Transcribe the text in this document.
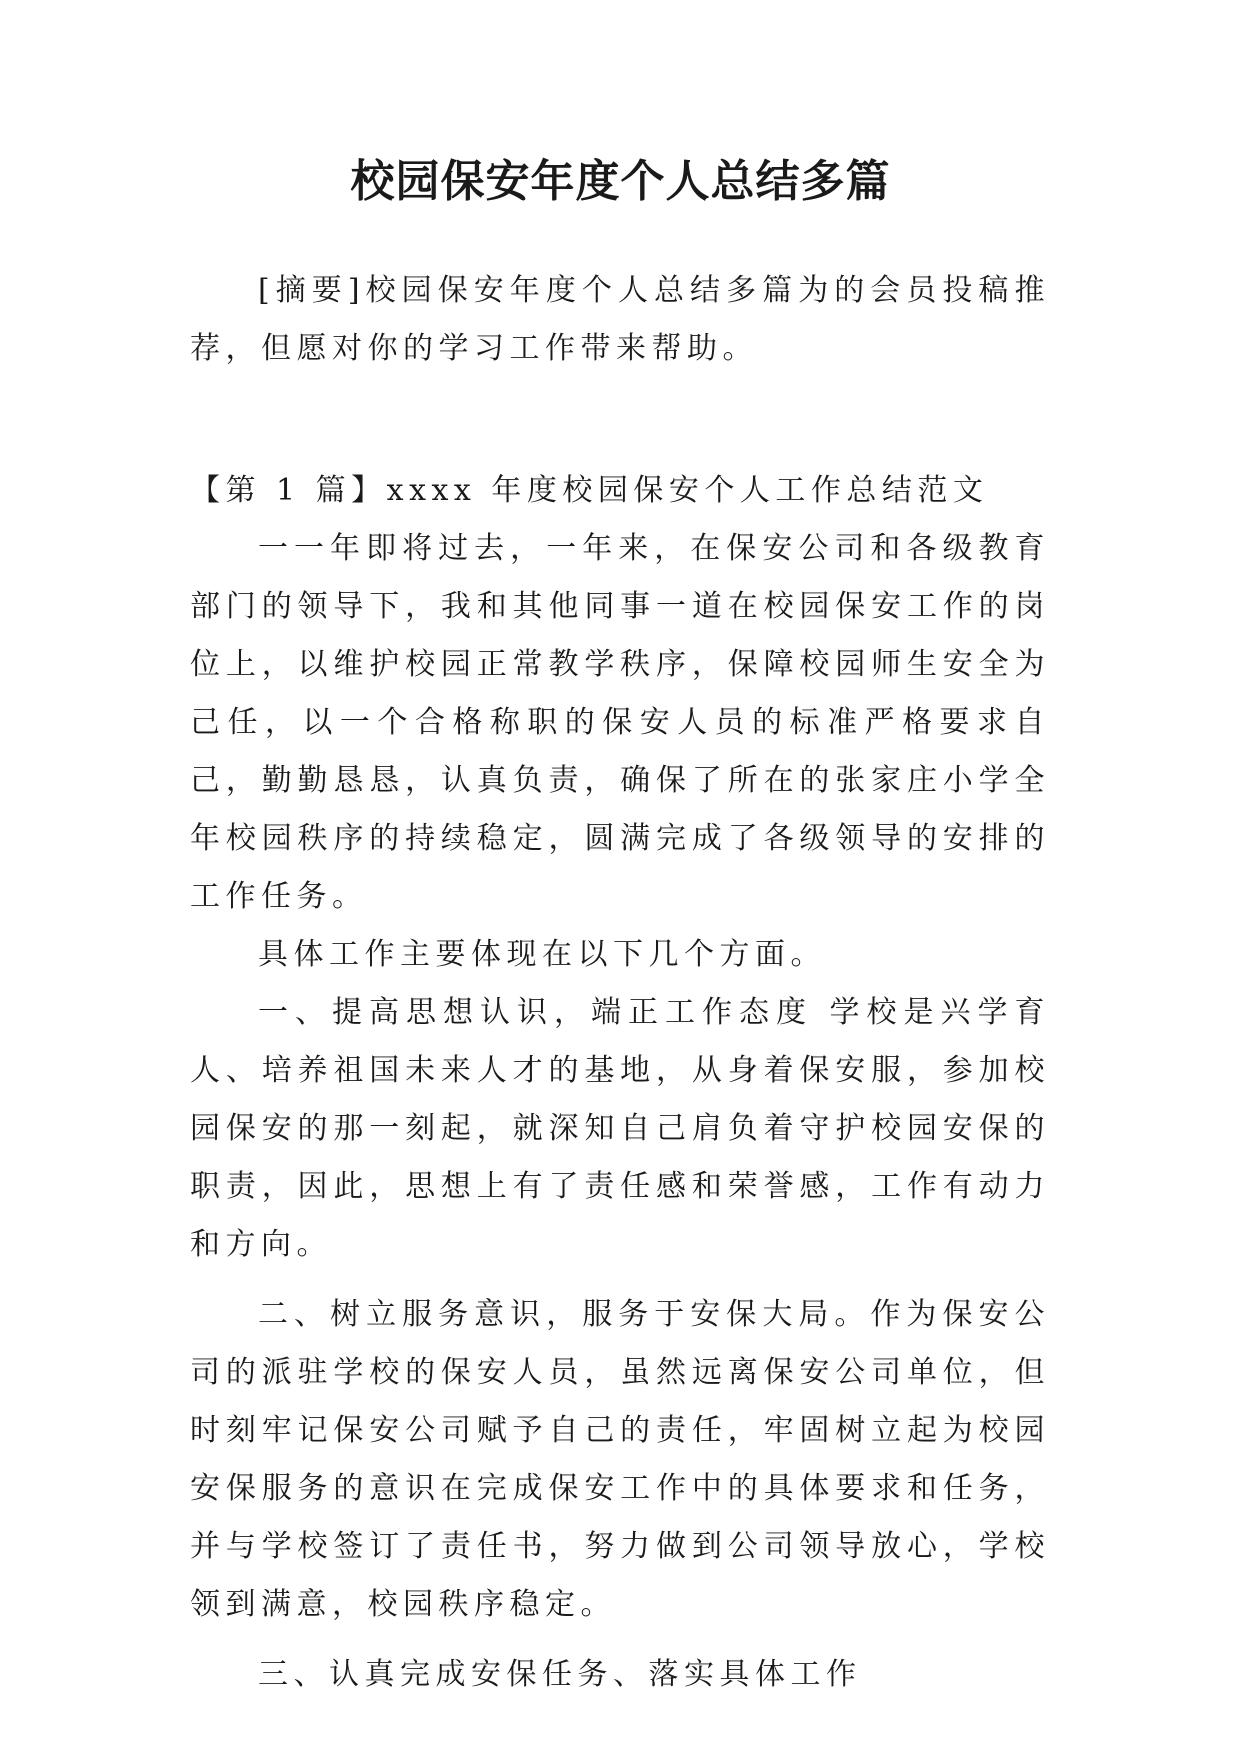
校园保安年度个人总结多篇

[摘要]校园保安年度个人总结多篇为的会员投稿推荐，但愿对你的学习工作带来帮助。

【第 1 篇】xxxx 年度校园保安个人工作总结范文

一一年即将过去，一年来，在保安公司和各级教育部门的领导下，我和其他同事一道在校园保安工作的岗位上，以维护校园正常教学秩序，保障校园师生安全为己任，以一个合格称职的保安人员的标准严格要求自己，勤勤恳恳，认真负责，确保了所在的张家庄小学全年校园秩序的持续稳定，圆满完成了各级领导的安排的工作任务。

具体工作主要体现在以下几个方面。

一、提高思想认识，端正工作态度 学校是兴学育人、培养祖国未来人才的基地，从身着保安服，参加校园保安的那一刻起，就深知自己肩负着守护校园安保的职责，因此，思想上有了责任感和荣誉感，工作有动力和方向。

二、树立服务意识，服务于安保大局。作为保安公司的派驻学校的保安人员，虽然远离保安公司单位，但时刻牢记保安公司赋予自己的责任，牢固树立起为校园安保服务的意识在完成保安工作中的具体要求和任务，并与学校签订了责任书，努力做到公司领导放心，学校领到满意，校园秩序稳定。

三、认真完成安保任务、落实具体工作
